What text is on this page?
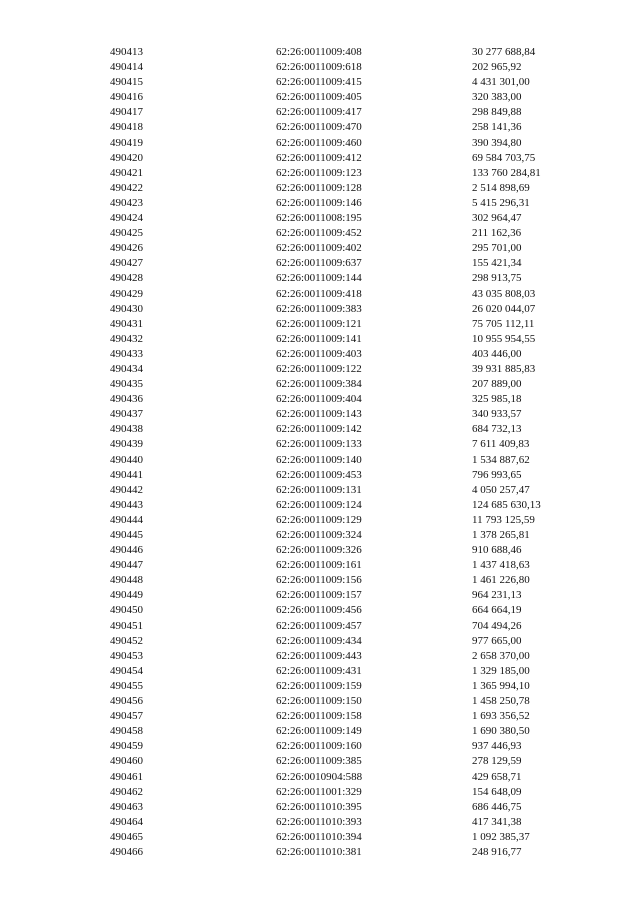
490413	62:26:0011009:408	30 277 688,84
490414	62:26:0011009:618	202 965,92
490415	62:26:0011009:415	4 431 301,00
490416	62:26:0011009:405	320 383,00
490417	62:26:0011009:417	298 849,88
490418	62:26:0011009:470	258 141,36
490419	62:26:0011009:460	390 394,80
490420	62:26:0011009:412	69 584 703,75
490421	62:26:0011009:123	133 760 284,81
490422	62:26:0011009:128	2 514 898,69
490423	62:26:0011009:146	5 415 296,31
490424	62:26:0011008:195	302 964,47
490425	62:26:0011009:452	211 162,36
490426	62:26:0011009:402	295 701,00
490427	62:26:0011009:637	155 421,34
490428	62:26:0011009:144	298 913,75
490429	62:26:0011009:418	43 035 808,03
490430	62:26:0011009:383	26 020 044,07
490431	62:26:0011009:121	75 705 112,11
490432	62:26:0011009:141	10 955 954,55
490433	62:26:0011009:403	403 446,00
490434	62:26:0011009:122	39 931 885,83
490435	62:26:0011009:384	207 889,00
490436	62:26:0011009:404	325 985,18
490437	62:26:0011009:143	340 933,57
490438	62:26:0011009:142	684 732,13
490439	62:26:0011009:133	7 611 409,83
490440	62:26:0011009:140	1 534 887,62
490441	62:26:0011009:453	796 993,65
490442	62:26:0011009:131	4 050 257,47
490443	62:26:0011009:124	124 685 630,13
490444	62:26:0011009:129	11 793 125,59
490445	62:26:0011009:324	1 378 265,81
490446	62:26:0011009:326	910 688,46
490447	62:26:0011009:161	1 437 418,63
490448	62:26:0011009:156	1 461 226,80
490449	62:26:0011009:157	964 231,13
490450	62:26:0011009:456	664 664,19
490451	62:26:0011009:457	704 494,26
490452	62:26:0011009:434	977 665,00
490453	62:26:0011009:443	2 658 370,00
490454	62:26:0011009:431	1 329 185,00
490455	62:26:0011009:159	1 365 994,10
490456	62:26:0011009:150	1 458 250,78
490457	62:26:0011009:158	1 693 356,52
490458	62:26:0011009:149	1 690 380,50
490459	62:26:0011009:160	937 446,93
490460	62:26:0011009:385	278 129,59
490461	62:26:0010904:588	429 658,71
490462	62:26:0011001:329	154 648,09
490463	62:26:0011010:395	686 446,75
490464	62:26:0011010:393	417 341,38
490465	62:26:0011010:394	1 092 385,37
490466	62:26:0011010:381	248 916,77
